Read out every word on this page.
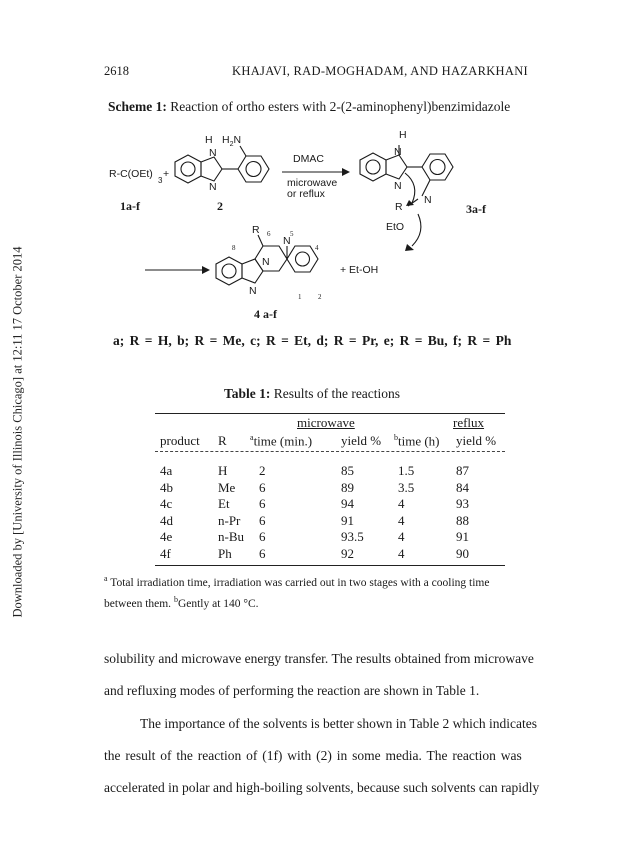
Downloaded by [University of Illinois Chicago] at 12:11 17 October 2014
2618	KHAJAVI, RAD-MOGHADAM, AND HAZARKHANI
Scheme 1: Reaction of ortho esters with 2-(2-aminophenyl)benzimidazole
R-C(OEt)
3
+
1a-f
N
N
H $H_2N$
2
DMAC
microwave
or reflux
H
N
N
N
R
EtO
3a-f
R
N
N
N
6	5
8	4
1 2
+ Et-OH
4 a-f
a; R = H, b; R = Me, c; R = Et, d; R = Pr, e; R = Bu, f; R = Ph
Table 1: Results of the reactions
microwave	reflux
product R	$^a$time (min.) yield % $^b$time (h) yield %
4a	H 2	85	1.5	87
4b	Me 6	89	3.5	84
4c	Et 6	94	4	93
4d	n-Pr 6	91	4	88
4e	n-Bu 6	93.5	4	91
4f	Ph 6	92	4	90
$^a$ Total irradiation time, irradiation was carried out in two stages with a cooling time
between them. $^b$Gently at 140 °C.
solubility and microwave energy transfer. The results obtained from microwave
and refluxing modes of performing the reaction are shown in Table 1.
The importance of the solvents is better shown in Table 2 which indicates
the result of the reaction of (1f) with (2) in some media. The reaction was
accelerated in polar and high-boiling solvents, because such solvents can rapidly
